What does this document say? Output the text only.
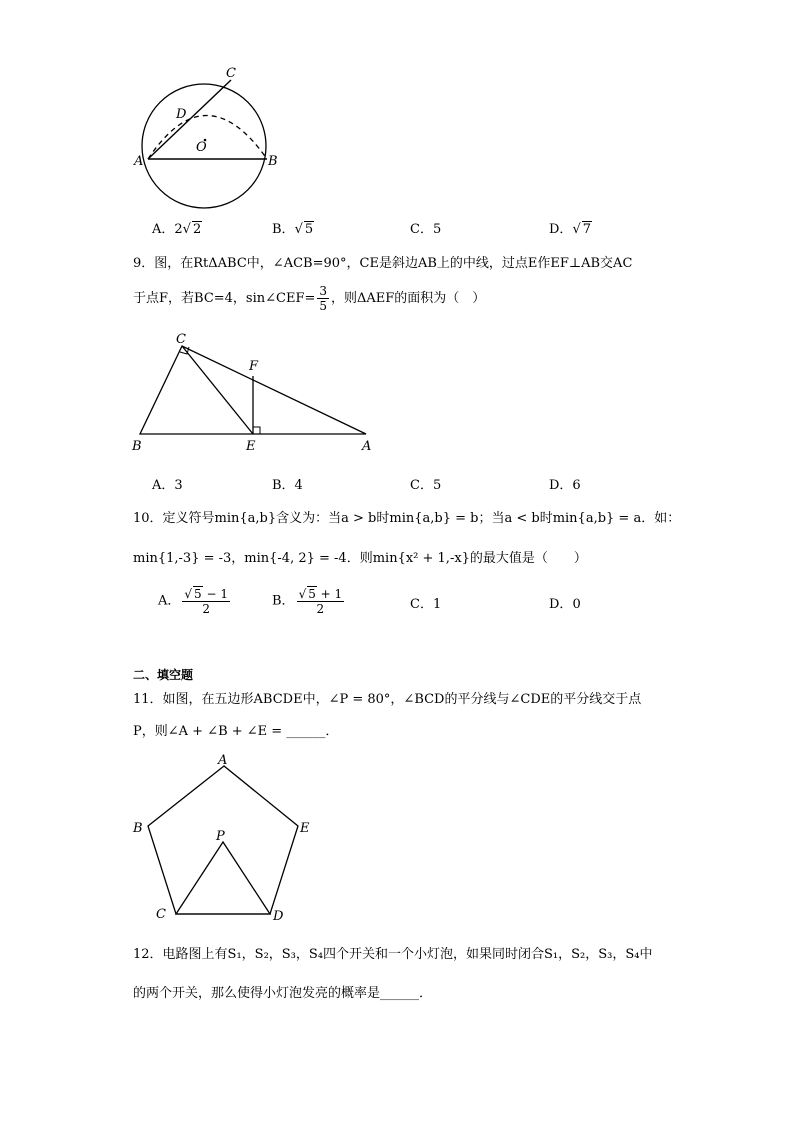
C
D
O
A	B
A．2√ 2	B．√ 5	C．5	D．√ 7
9．图，在RtΔABC中，∠ACB=90°，CE是斜边AB上的中线，过点E作EF⊥AB交AC
于点F，若BC=4，sin∠CEF= $\frac{3}{5}$ ，则ΔAEF的面积为（　）
C
F
B	E	A
A．3	B．4	C．5	D．6
10．定义符号min{a,b}含义为：当a > b时min{a,b} = b；当a < b时min{a,b} = a．如：
min{1,-3} = -3，min{-4, 2} = -4．则min{x² + 1,-x}的最大值是（　　）
A． $\frac{√ 5 - 1}{2}$	B． $\frac{√ 5 + 1}{2}$	C．1	D．0
二、填空题
11．如图，在五边形ABCDE中，∠P = 80°，∠BCD的平分线与∠CDE的平分线交于点
P，则∠A + ∠B + ∠E = ______．
A
B	E
P
C	D
12．电路图上有S₁，S₂，S₃，S₄四个开关和一个小灯泡，如果同时闭合S₁，S₂，S₃，S₄中
的两个开关，那么使得小灯泡发亮的概率是______．
